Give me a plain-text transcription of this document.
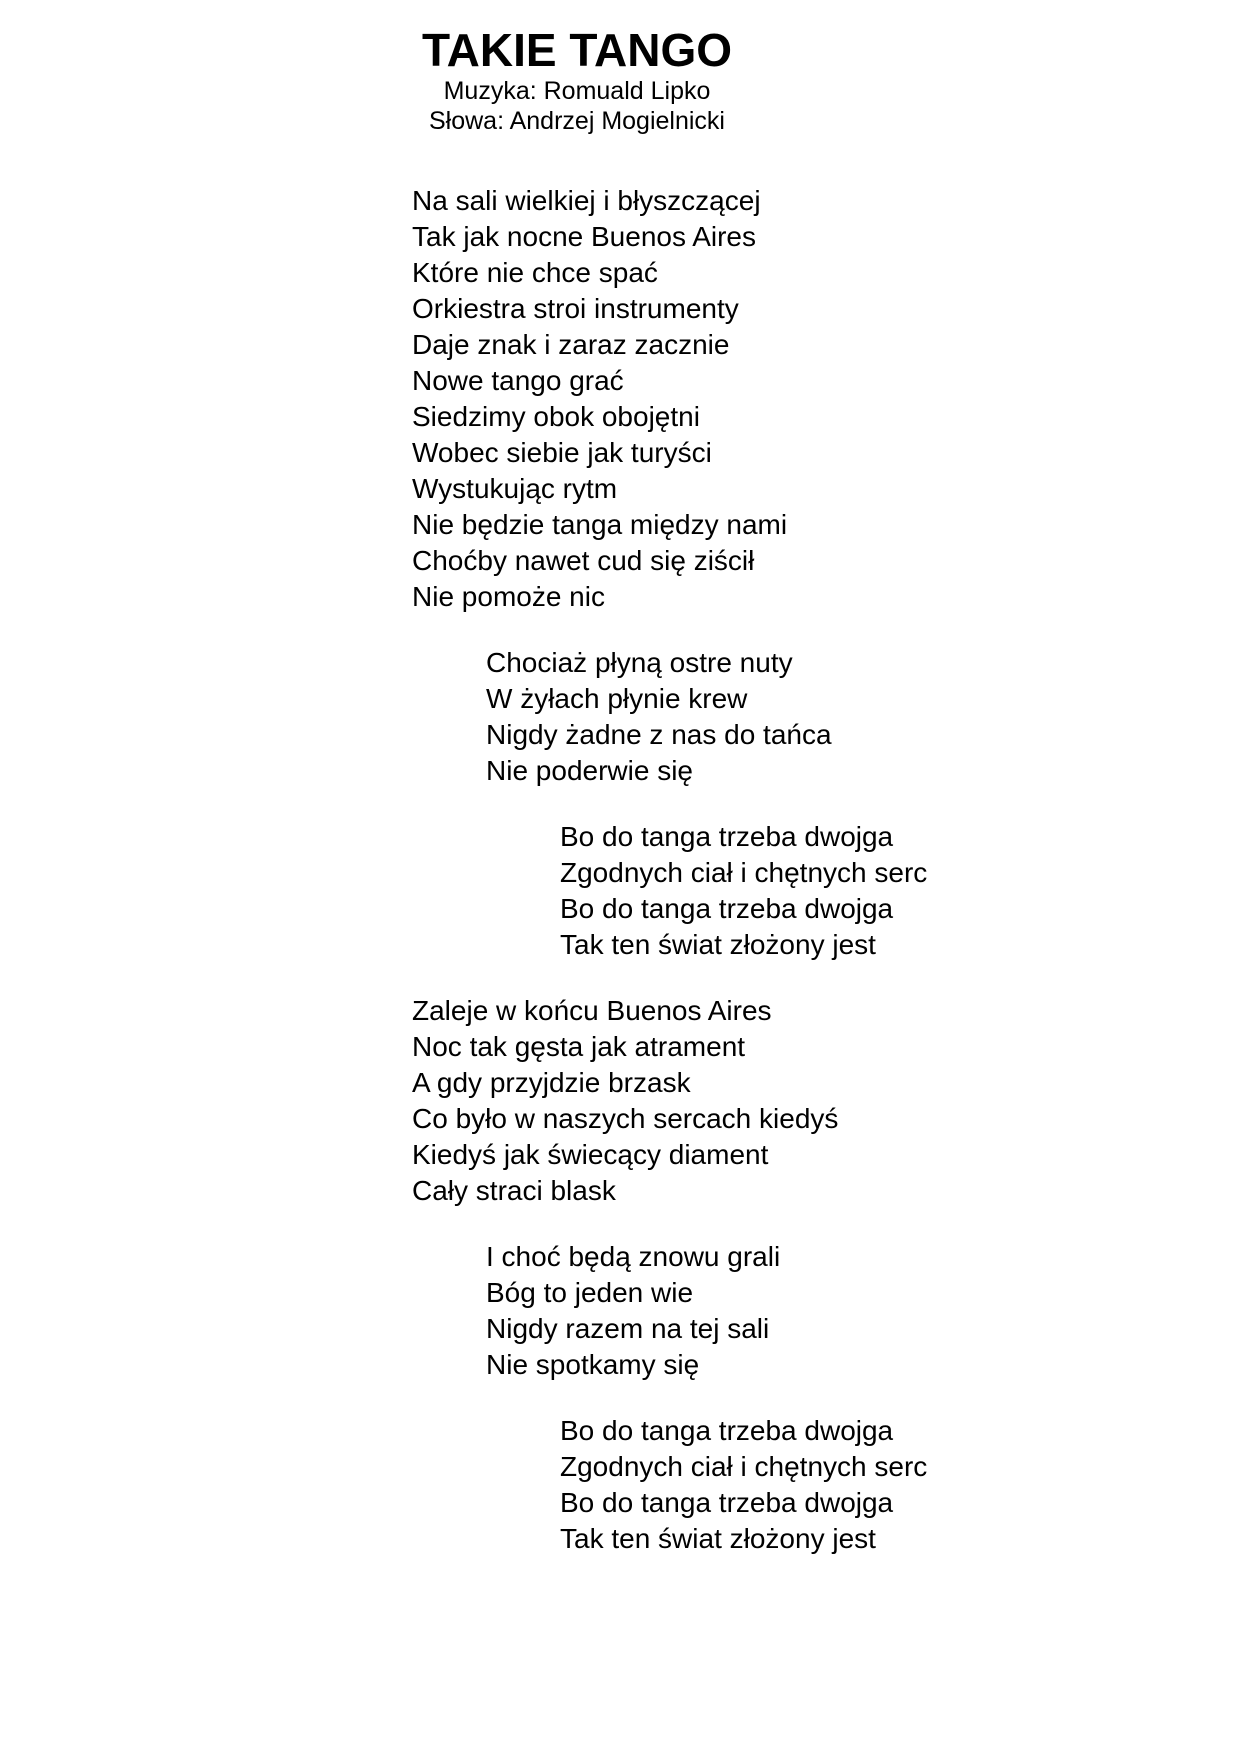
TAKIE TANGO
Muzyka: Romuald Lipko
Słowa: Andrzej Mogielnicki
Na sali wielkiej i błyszczącej
Tak jak nocne Buenos Aires
Które nie chce spać
Orkiestra stroi instrumenty
Daje znak i zaraz zacznie
Nowe tango grać
Siedzimy obok obojętni
Wobec siebie jak turyści
Wystukując rytm
Nie będzie tanga między nami
Choćby nawet cud się ziścił
Nie pomoże nic
Chociaż płyną ostre nuty
W żyłach płynie krew
Nigdy żadne z nas do tańca
Nie poderwie się
Bo do tanga trzeba dwojga
Zgodnych ciał i chętnych serc
Bo do tanga trzeba dwojga
Tak ten świat złożony jest
Zaleje w końcu Buenos Aires
Noc tak gęsta jak atrament
A gdy przyjdzie brzask
Co było w naszych sercach kiedyś
Kiedyś jak świecący diament
Cały straci blask
I choć będą znowu grali
Bóg to jeden wie
Nigdy razem na tej sali
Nie spotkamy się
Bo do tanga trzeba dwojga
Zgodnych ciał i chętnych serc
Bo do tanga trzeba dwojga
Tak ten świat złożony jest
